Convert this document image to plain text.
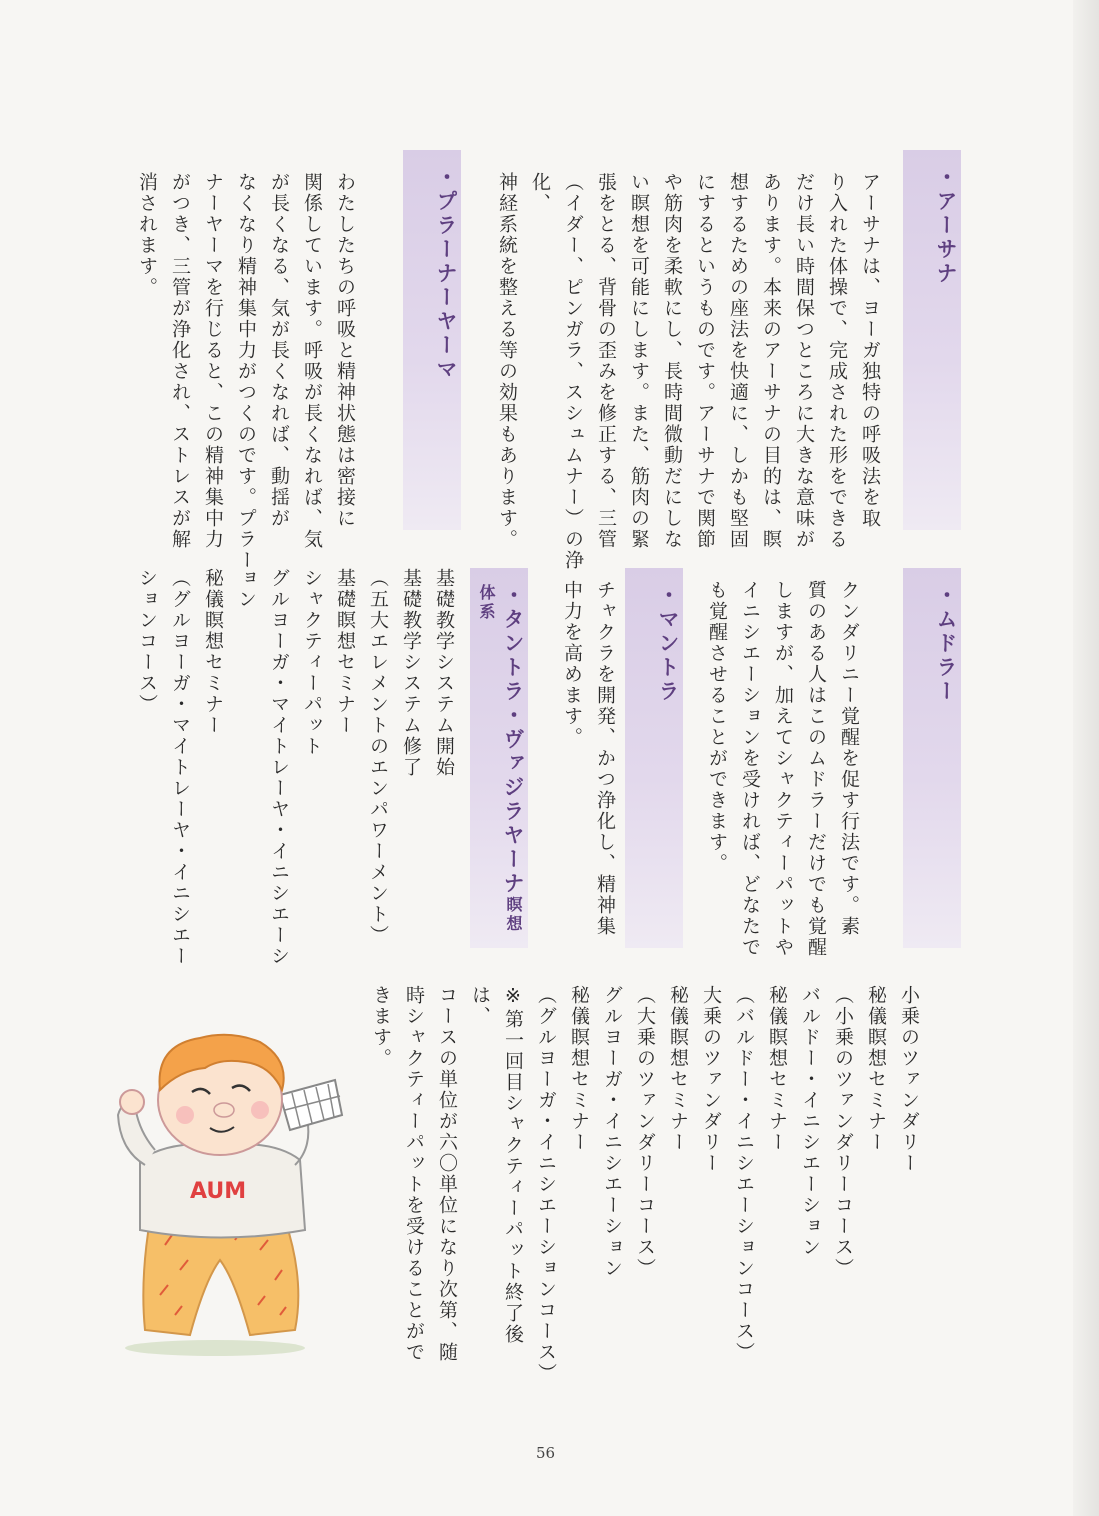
・アーサナ
アーサナは、ヨーガ独特の呼吸法を取
り入れた体操で、完成された形をできる
だけ長い時間保つところに大きな意味が
あります。本来のアーサナの目的は、瞑
想するための座法を快適に、しかも堅固
にするというものです。アーサナで関節
や筋肉を柔軟にし、長時間微動だにしな
い瞑想を可能にします。また、筋肉の緊
張をとる、背骨の歪みを修正する、三管
（イダー、ピンガラ、スシュムナー）の浄化、
神経系統を整える等の効果もあります。
・プラーナーヤーマ
わたしたちの呼吸と精神状態は密接に
関係しています。呼吸が長くなれば、気
が長くなる、気が長くなれば、動揺が
なくなり精神集中力がつくのです。プラー
ナーヤーマを行じると、この精神集中力
がつき、三管が浄化され、ストレスが解
消されます。
・ムドラー
クンダリニー覚醒を促す行法です。素
質のある人はこのムドラーだけでも覚醒
しますが、加えてシャクティーパットや
イニシエーションを受ければ、どなたで
も覚醒させることができます。
・マントラ
チャクラを開発、かつ浄化し、精神集
中力を高めます。
・タントラ・ヴァジラヤーナ瞑想体系
基礎教学システム開始
基礎教学システム修了
（五大エレメントのエンパワーメント）
基礎瞑想セミナー
シャクティーパット
グルヨーガ・マイトレーヤ・イニシエーション
秘儀瞑想セミナー
（グルヨーガ・マイトレーヤ・イニシエー
ションコース）
小乗のツァンダリー
秘儀瞑想セミナー
（小乗のツァンダリーコース）
バルドー・イニシエーション
秘儀瞑想セミナー
（バルドー・イニシエーションコース）
大乗のツァンダリー
秘儀瞑想セミナー
（大乗のツァンダリーコース）
グルヨーガ・イニシエーション
秘儀瞑想セミナー
（グルヨーガ・イニシエーションコース）
※第一回目シャクティーパット終了後は、
コースの単位が六〇単位になり次第、随
時シャクティーパットを受けることがで
きます。
AUM
56
